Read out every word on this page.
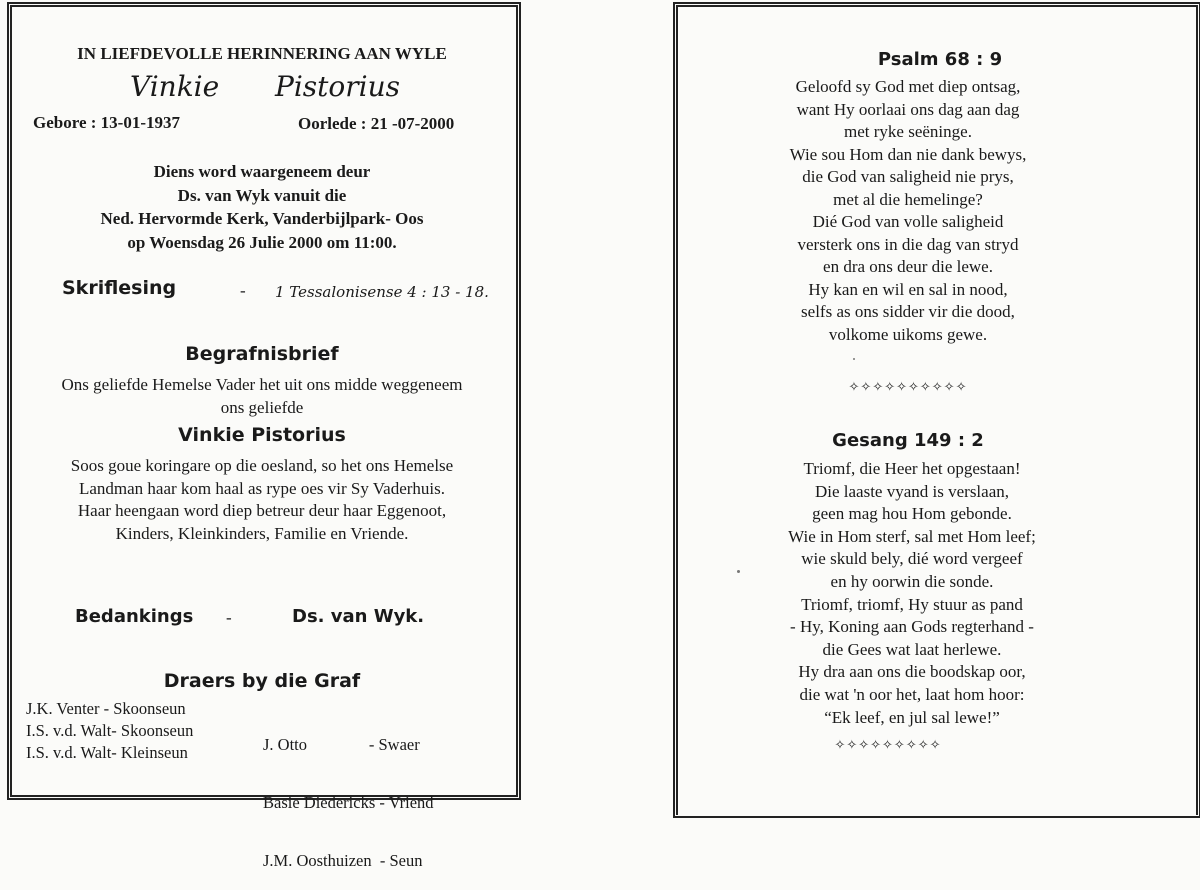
IN LIEFDEVOLLE HERINNERING AAN WYLE
Vinkie Pistorius
Gebore : 13-01-1937	Oorlede : 21 -07-2000
Diens word waargeneem deur
Ds. van Wyk vanuit die
Ned. Hervormde Kerk, Vanderbijlpark- Oos
op Woensdag 26 Julie 2000 om 11:00.
Skriflesing	- 1 Tessalonisense 4 : 13 - 18.
Begrafnisbrief
Ons geliefde Hemelse Vader het uit ons midde weggeneem
ons geliefde
Vinkie Pistorius
Soos goue koringare op die oesland, so het ons Hemelse
Landman haar kom haal as rype oes vir Sy Vaderhuis.
Haar heengaan word diep betreur deur haar Eggenoot,
Kinders, Kleinkinders, Familie en Vriende.
Bedankings -	Ds. van Wyk.
Draers by die Graf
J.K. Venter - Skoonseun
I.S. v.d. Walt- Skoonseun
I.S. v.d. Walt- Kleinseun

	J. Otto               - Swaer

Basie Diedericks - Vriend

J.M. Oosthuizen  - Seun

Psalm 68 : 9
Geloofd sy God met diep ontsag,
want Hy oorlaai ons dag aan dag
met ryke seëninge.
Wie sou Hom dan nie dank bewys,
die God van saligheid nie prys,
met al die hemelinge?
Dié God van volle saligheid
versterk ons in die dag van stryd
en dra ons deur die lewe.
Hy kan en wil en sal in nood,
selfs as ons sidder vir die dood,
volkome uikoms gewe.
✧✧✧✧✧✧✧✧✧✧
Gesang 149 : 2
Triomf, die Heer het opgestaan!
Die laaste vyand is verslaan,
geen mag hou Hom gebonde.
Wie in Hom sterf, sal met Hom leef;
wie skuld bely, dié word vergeef
en hy oorwin die sonde.
Triomf, triomf, Hy stuur as pand
- Hy, Koning aan Gods regterhand -
die Gees wat laat herlewe.
Hy dra aan ons die boodskap oor,
die wat 'n oor het, laat hom hoor:
“Ek leef, en jul sal lewe!”
✧✧✧✧✧✧✧✧✧
